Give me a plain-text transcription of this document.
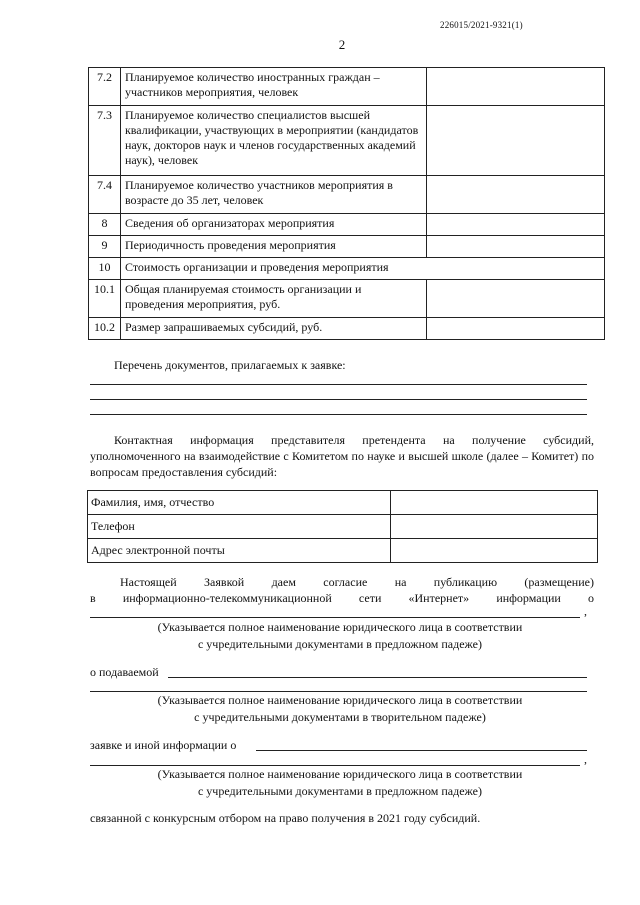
226015/2021-9321(1)
2
7.2	Планируемое количество иностранных граждан – участников мероприятия, человек	
7.3	Планируемое количество специалистов высшей квалификации, участвующих в мероприятии (кандидатов наук, докторов наук и членов государственных академий наук), человек	
7.4	Планируемое количество участников мероприятия в возрасте до 35 лет, человек	
8	Сведения об организаторах мероприятия	
9	Периодичность проведения мероприятия	
10	Стоимость организации и проведения мероприятия
10.1	Общая планируемая стоимость организации и проведения мероприятия, руб.	
10.2	Размер запрашиваемых субсидий, руб.	
Перечень документов, прилагаемых к заявке:
Контактная информация представителя претендента на получение субсидий, уполномоченного на взаимодействие с Комитетом по науке и высшей школе (далее – Комитет) по вопросам предоставления субсидий:
Фамилия, имя, отчество	
Телефон	
Адрес электронной почты	
Настоящей Заявкой даем согласие на публикацию (размещение)
в информационно-телекоммуникационной сети «Интернет» информации о
,
(Указывается полное наименование юридического лица в соответствии
с учредительными документами в предложном падеже)
о подаваемой
(Указывается полное наименование юридического лица в соответствии
с учредительными документами в творительном падеже)
заявке и иной информации о
,
(Указывается полное наименование юридического лица в соответствии
с учредительными документами в предложном падеже)
связанной с конкурсным отбором на право получения в 2021 году субсидий.
